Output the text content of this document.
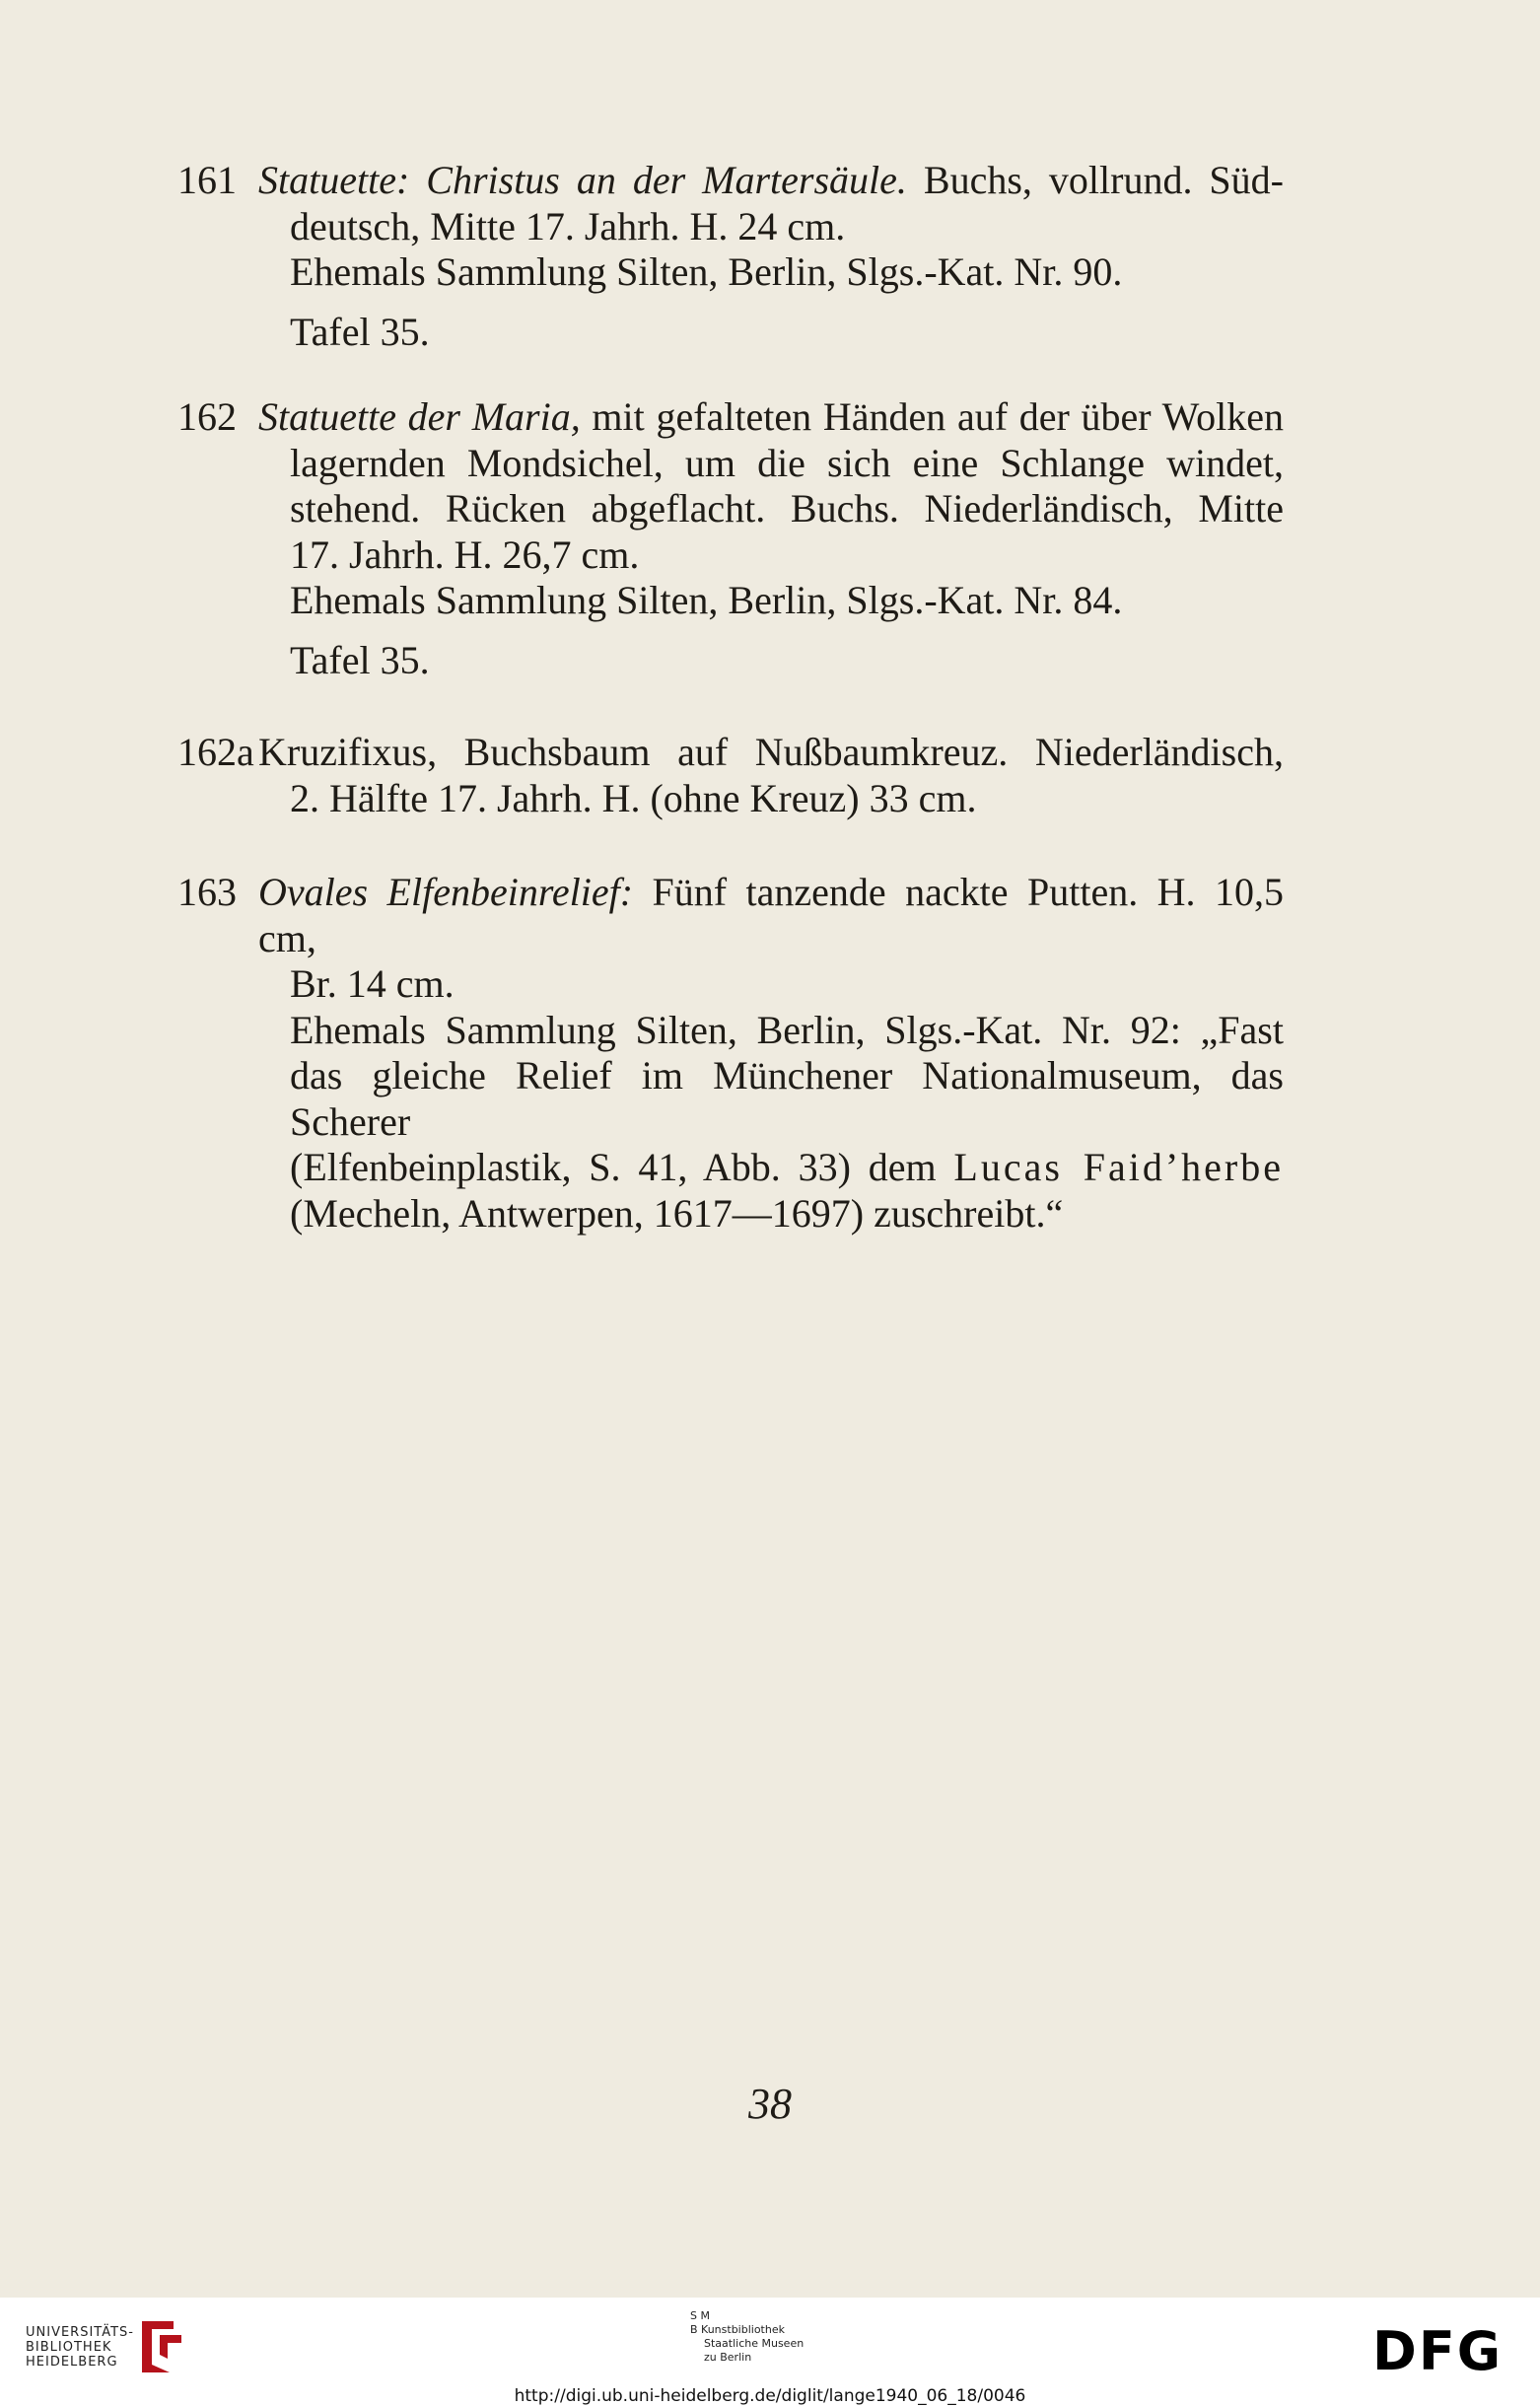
161 Statuette: Christus an der Martersäule. Buchs, vollrund. Süd-
deutsch, Mitte 17. Jahrh. H. 24 cm.
Ehemals Sammlung Silten, Berlin, Slgs.-Kat. Nr. 90.
Tafel 35.
162 Statuette der Maria, mit gefalteten Händen auf der über Wolken
lagernden Mondsichel, um die sich eine Schlange windet,
stehend. Rücken abgeflacht. Buchs. Niederländisch, Mitte
17. Jahrh. H. 26,7 cm.
Ehemals Sammlung Silten, Berlin, Slgs.-Kat. Nr. 84.
Tafel 35.
162a Kruzifixus, Buchsbaum auf Nußbaumkreuz. Niederländisch,
2. Hälfte 17. Jahrh. H. (ohne Kreuz) 33 cm.
163 Ovales Elfenbeinrelief: Fünf tanzende nackte Putten. H. 10,5 cm,
Br. 14 cm.
Ehemals Sammlung Silten, Berlin, Slgs.-Kat. Nr. 92: „Fast
das gleiche Relief im Münchener Nationalmuseum, das Scherer
(Elfenbeinplastik, S. 41, Abb. 33) dem Lucas Faid’herbe
(Mecheln, Antwerpen, 1617—1697) zuschreibt.“
38
UNIVERSITÄTS-
BIBLIOTHEK
HEIDELBERG
S M
B Kunstbibliothek
Staatliche Museen
zu Berlin	DFG
http://digi.ub.uni-heidelberg.de/diglit/lange1940_06_18/0046
